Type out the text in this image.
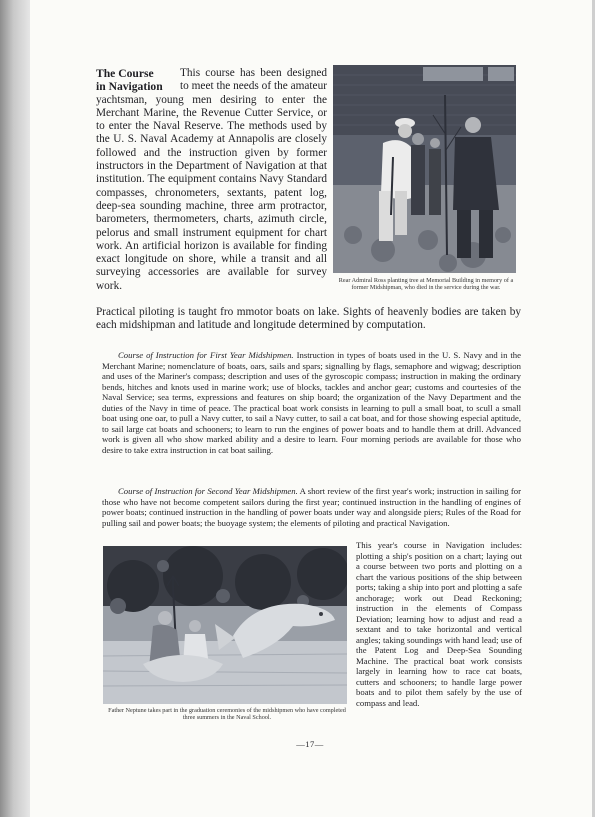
The Course
in Navigation
This course has been designed to meet the needs of the amateur yachtsman, young men desiring to enter the Merchant Marine, the Revenue Cutter Service, or to enter the Naval Reserve. The methods used by the U. S. Naval Academy at Annapolis are closely followed and the instruction given by former instructors in the Department of Navigation at that institution. The equipment contains Navy Standard compasses, chronometers, sextants, patent log, deep-sea sounding machine, three arm protractor, barometers, thermometers, charts, azimuth circle, pelorus and small instrument equipment for chart work. An artificial horizon is available for finding exact longitude on shore, while a transit and all surveying accessories are available for survey work.
Practical piloting is taught fro mmotor boats on lake. Sights of heavenly bodies are taken by each midshipman and latitude and longitude determined by computation.
Rear Admiral Ross planting tree at Memorial Building in memory of a former Midshipman, who died in the service during the war.
Course of Instruction for First Year Midshipmen. Instruction in types of boats used in the U. S. Navy and in the Merchant Marine; nomenclature of boats, oars, sails and spars; signalling by flags, semaphore and wigwag; description and uses of the Mariner's compass; description and uses of the gyroscopic compass; instruction in making the ordinary bends, hitches and knots used in marine work; use of blocks, tackles and anchor gear; customs and courtesies of the Naval Service; sea terms, expressions and features on ship board; the organization of the Navy Department and the duties of the Navy in time of peace. The practical boat work consists in learning to pull a small boat, to scull a small boat using one oar, to pull a Navy cutter, to sail a Navy cutter, to sail a cat boat, and for those showing especial aptitude, to sail large cat boats and schooners; to learn to run the engines of power boats and to handle them at drill. Advanced work is given all who show marked ability and a desire to learn. Four morning periods are available for those who desire to take extra instruction in cat boat sailing.
Course of Instruction for Second Year Midshipmen. A short review of the first year's work; instruction in sailing for those who have not become competent sailors during the first year; continued instruction in the handling of engines of power boats; continued instruction in the handling of power boats under way and alongside piers; Rules of the Road for pulling sail and power boats; the buoyage system; the elements of piloting and practical Navigation.
This year's course in Navigation includes: plotting a ship's position on a chart; laying out a course between two ports and plotting on a chart the various positions of the ship between ports; taking a ship into port and plotting a safe anchorage; work out Dead Reckoning; instruction in the elements of Compass Deviation; learning how to adjust and read a sextant and to take horizontal and vertical angles; taking soundings with hand lead; use of the Patent Log and Deep-Sea Sounding Machine. The practical boat work consists largely in learning how to race cat boats, cutters and schooners; to handle large power boats and to pilot them safely by the use of compass and lead.
Father Neptune takes part in the graduation ceremonies of the midshipmen who have completed three summers in the Naval School.
—17—
